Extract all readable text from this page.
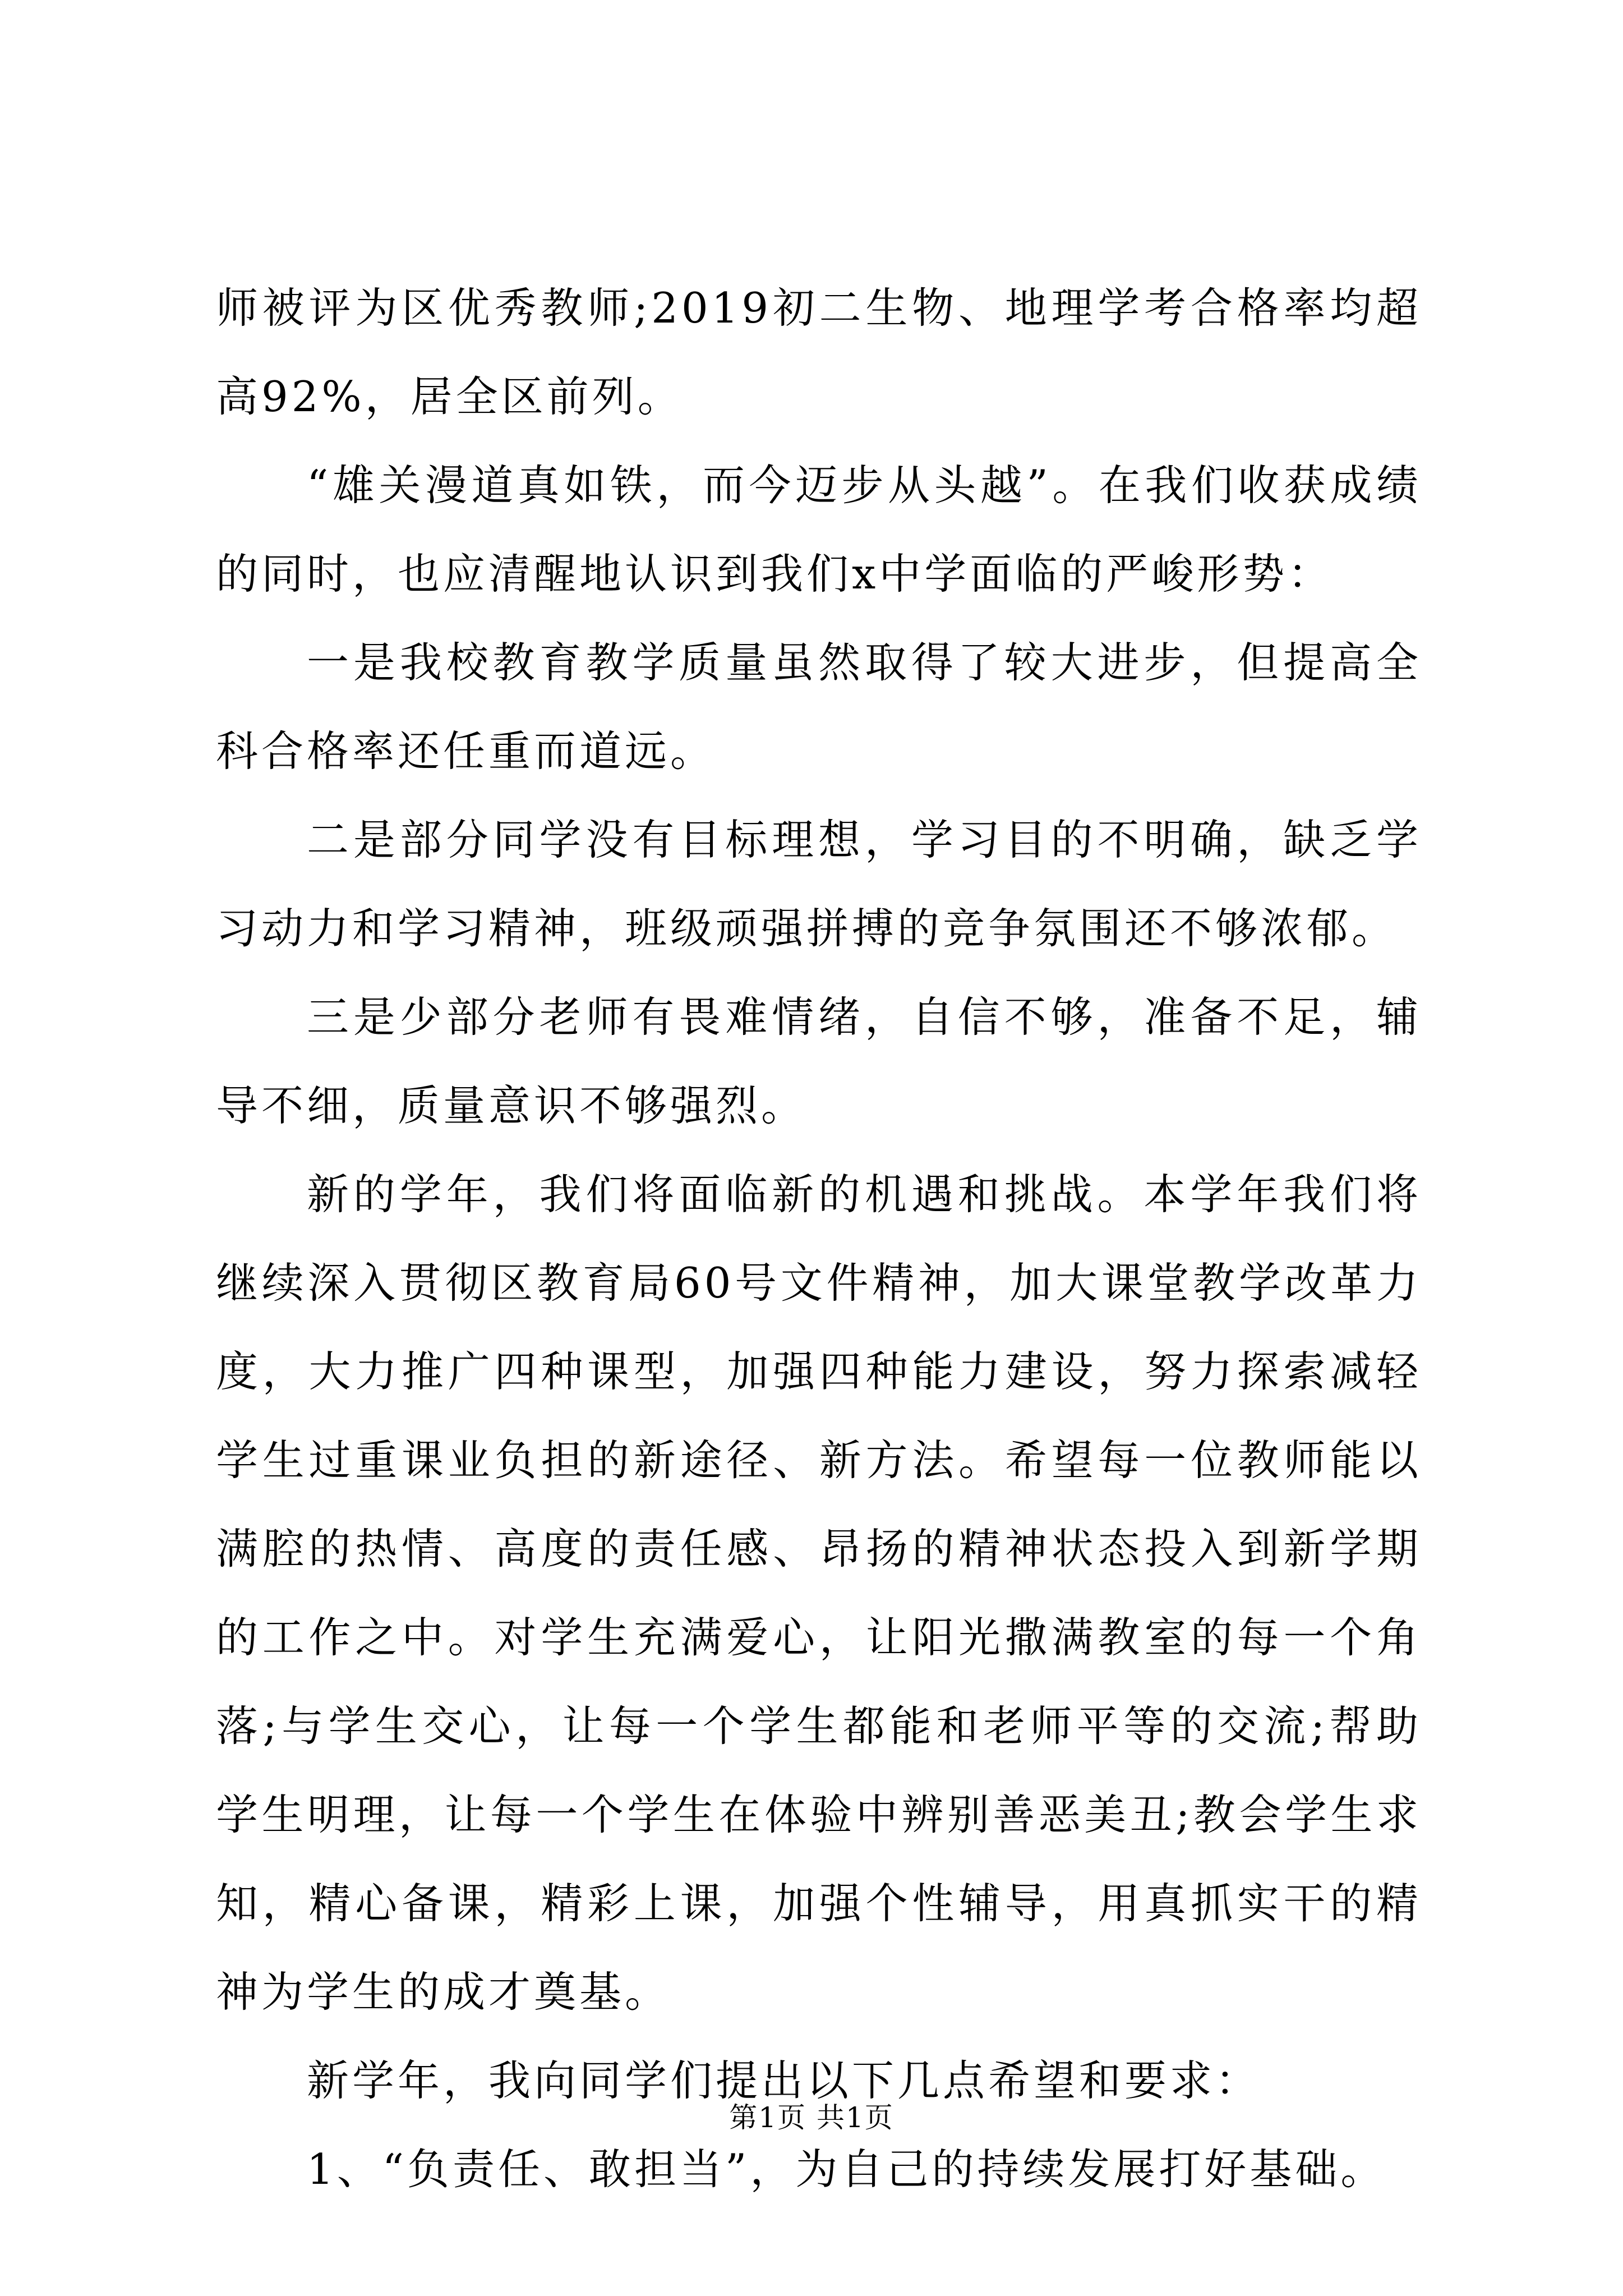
师被评为区优秀教师;2019初二生物、地理学考合格率均超高92%，居全区前列。

“雄关漫道真如铁，而今迈步从头越”。在我们收获成绩的同时，也应清醒地认识到我们x中学面临的严峻形势：

一是我校教育教学质量虽然取得了较大进步，但提高全科合格率还任重而道远。

二是部分同学没有目标理想，学习目的不明确，缺乏学习动力和学习精神，班级顽强拼搏的竞争氛围还不够浓郁。

三是少部分老师有畏难情绪，自信不够，准备不足，辅导不细，质量意识不够强烈。

新的学年，我们将面临新的机遇和挑战。本学年我们将继续深入贯彻区教育局60号文件精神，加大课堂教学改革力度，大力推广四种课型，加强四种能力建设，努力探索减轻学生过重课业负担的新途径、新方法。希望每一位教师能以满腔的热情、高度的责任感、昂扬的精神状态投入到新学期的工作之中。对学生充满爱心，让阳光撒满教室的每一个角落;与学生交心，让每一个学生都能和老师平等的交流;帮助学生明理，让每一个学生在体验中辨别善恶美丑;教会学生求知，精心备课，精彩上课，加强个性辅导，用真抓实干的精神为学生的成才奠基。

新学年，我向同学们提出以下几点希望和要求：

1、“负责任、敢担当”，为自己的持续发展打好基础。

第1页 共1页
